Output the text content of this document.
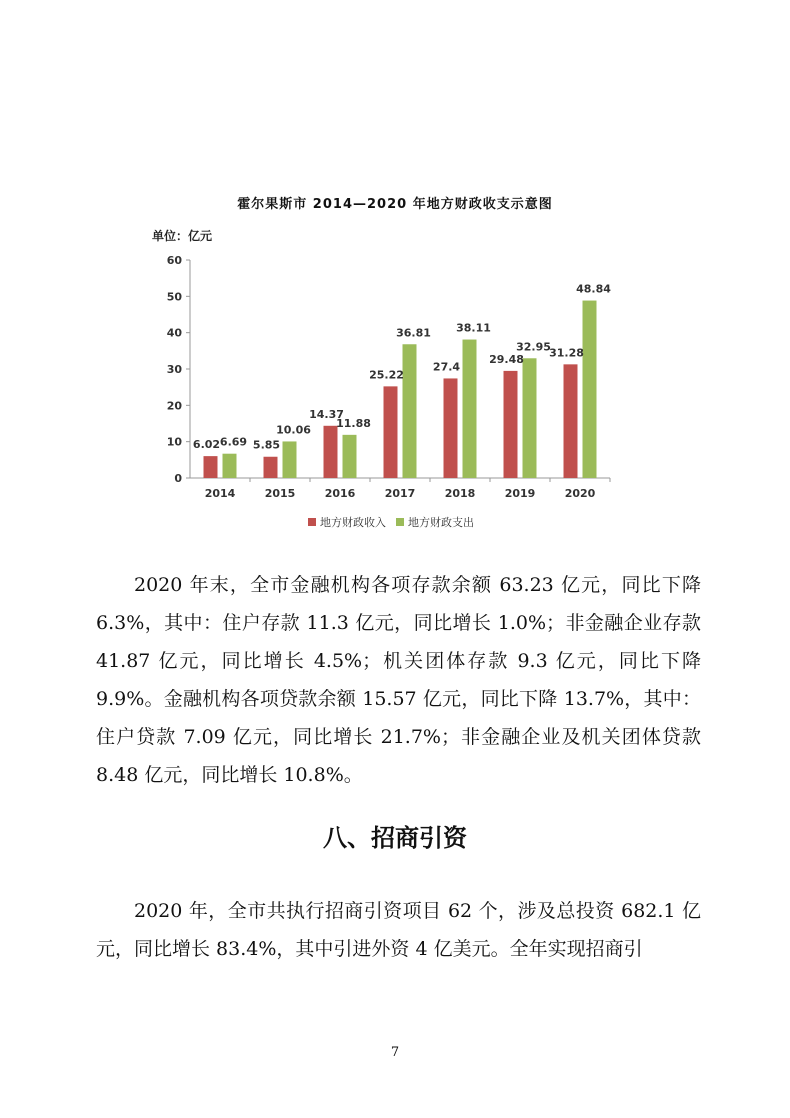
霍尔果斯市 2014—2020 年地方财政收支示意图
单位：亿元
0
10
20
30
40
50
60
2014	2015	2016	2017	2018	2019	2020
6.02 6.69 5.85
10.06
14.37
11.88
25.22
36.81
27.4
38.11
29.48
32.95
31.28
48.84
地方财政收入 地方财政支出

2020 年末，全市金融机构各项存款余额 63.23 亿元，同比下降 6.3%，其中：住户存款 11.3 亿元，同比增长 1.0%；非金融企业存款 41.87 亿元，同比增长 4.5%；机关团体存款 9.3 亿元，同比下降 9.9%。金融机构各项贷款余额 15.57 亿元，同比下降 13.7%，其中：住户贷款 7.09 亿元，同比增长 21.7%；非金融企业及机关团体贷款 8.48 亿元，同比增长 10.8%。

八、招商引资

2020 年，全市共执行招商引资项目 62 个，涉及总投资 682.1 亿元，同比增长 83.4%，其中引进外资 4 亿美元。全年实现招商引

7
